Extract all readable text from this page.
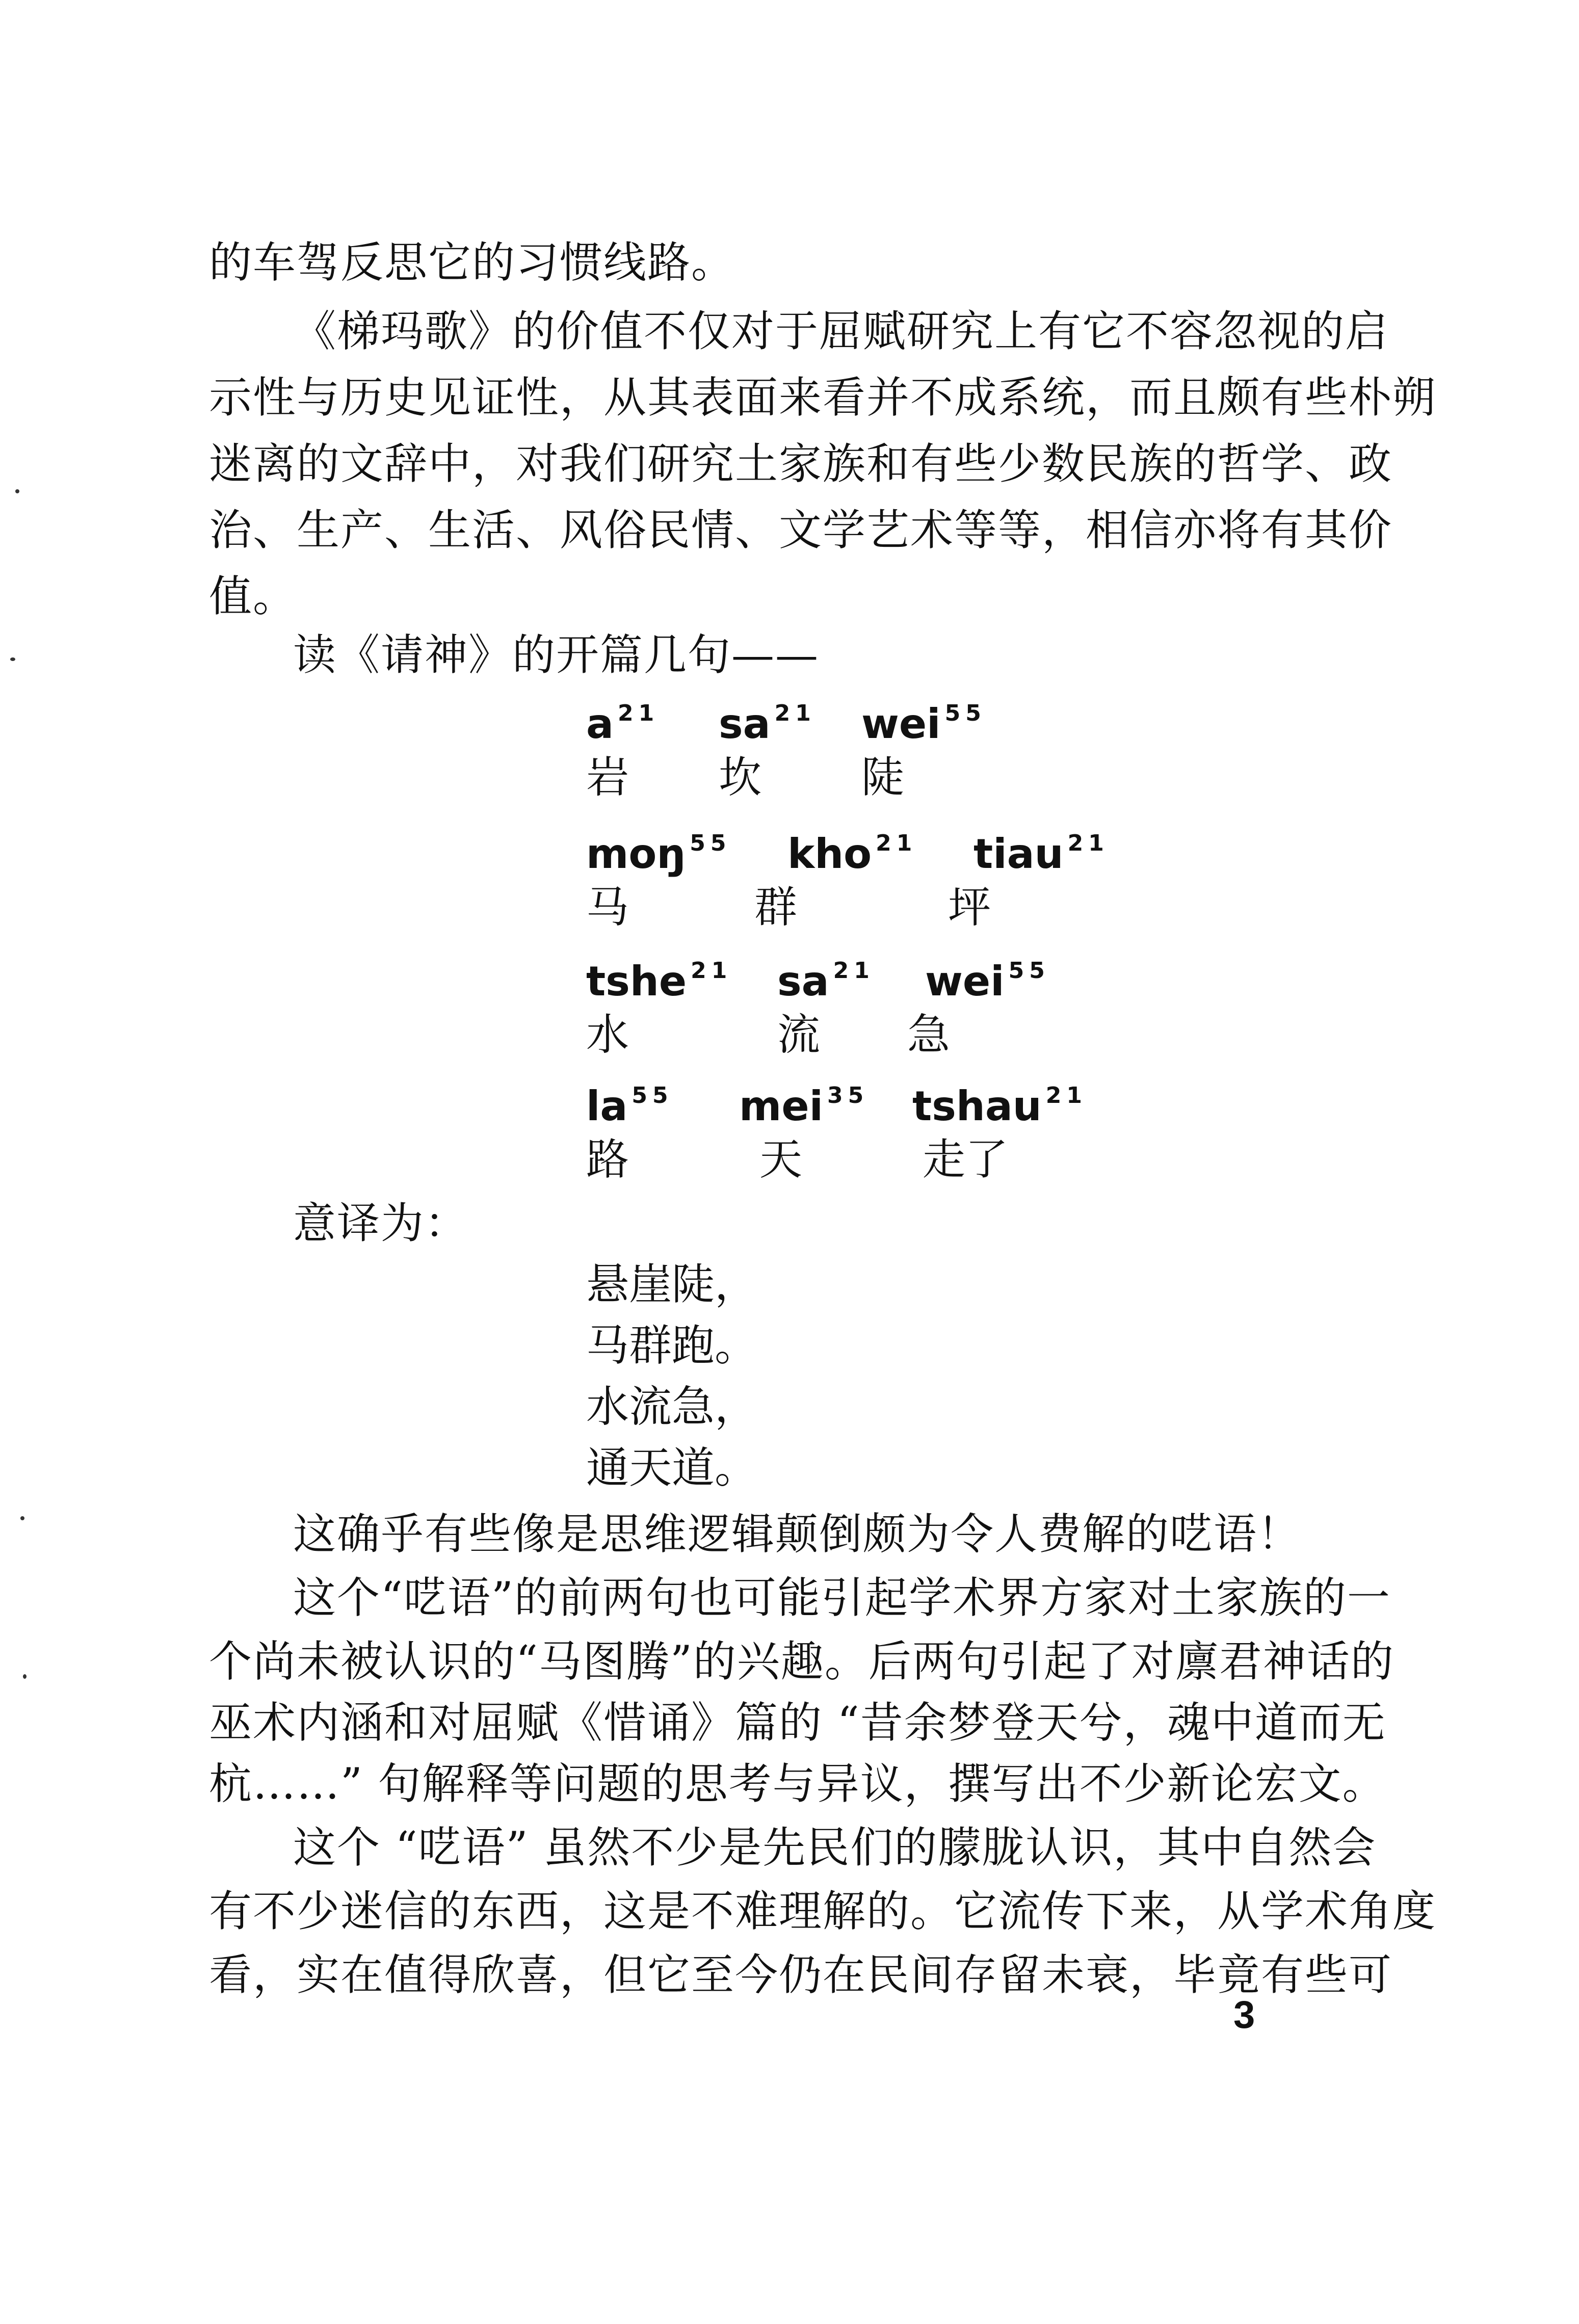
的车驾反思它的习惯线路。
《梯玛歌》的价值不仅对于屈赋研究上有它不容忽视的启
示性与历史见证性，从其表面来看并不成系统，而且颇有些朴朔
迷离的文辞中，对我们研究土家族和有些少数民族的哲学、政
治、生产、生活、风俗民情、文学艺术等等，相信亦将有其价
值。
读《请神》的开篇几句——
a $^{21}$ sa $^{21}$ wei $^{55}$
岩 坎 陡
moŋ $^{55}$ kho $^{21}$ tiau $^{21}$
马	群	坪
tshe $^{21}$ sa $^{21}$ wei $^{55}$
水	流 急
la $^{55}$ mei $^{35}$ tshau $^{21}$
路	天	走了
意译为：
悬崖陡，
马群跑。
水流急，
通天道。
这确乎有些像是思维逻辑颠倒颇为令人费解的呓语！
这个“呓语”的前两句也可能引起学术界方家对土家族的一
个尚未被认识的“马图腾”的兴趣。后两句引起了对廪君神话的
巫术内涵和对屈赋《惜诵》篇的 “昔余梦登天兮，魂中道而无
杭……” 句解释等问题的思考与异议，撰写出不少新论宏文。
这个 “呓语” 虽然不少是先民们的朦胧认识，其中自然会
有不少迷信的东西，这是不难理解的。它流传下来，从学术角度
看，实在值得欣喜，但它至今仍在民间存留未衰，毕竟有些可
3
